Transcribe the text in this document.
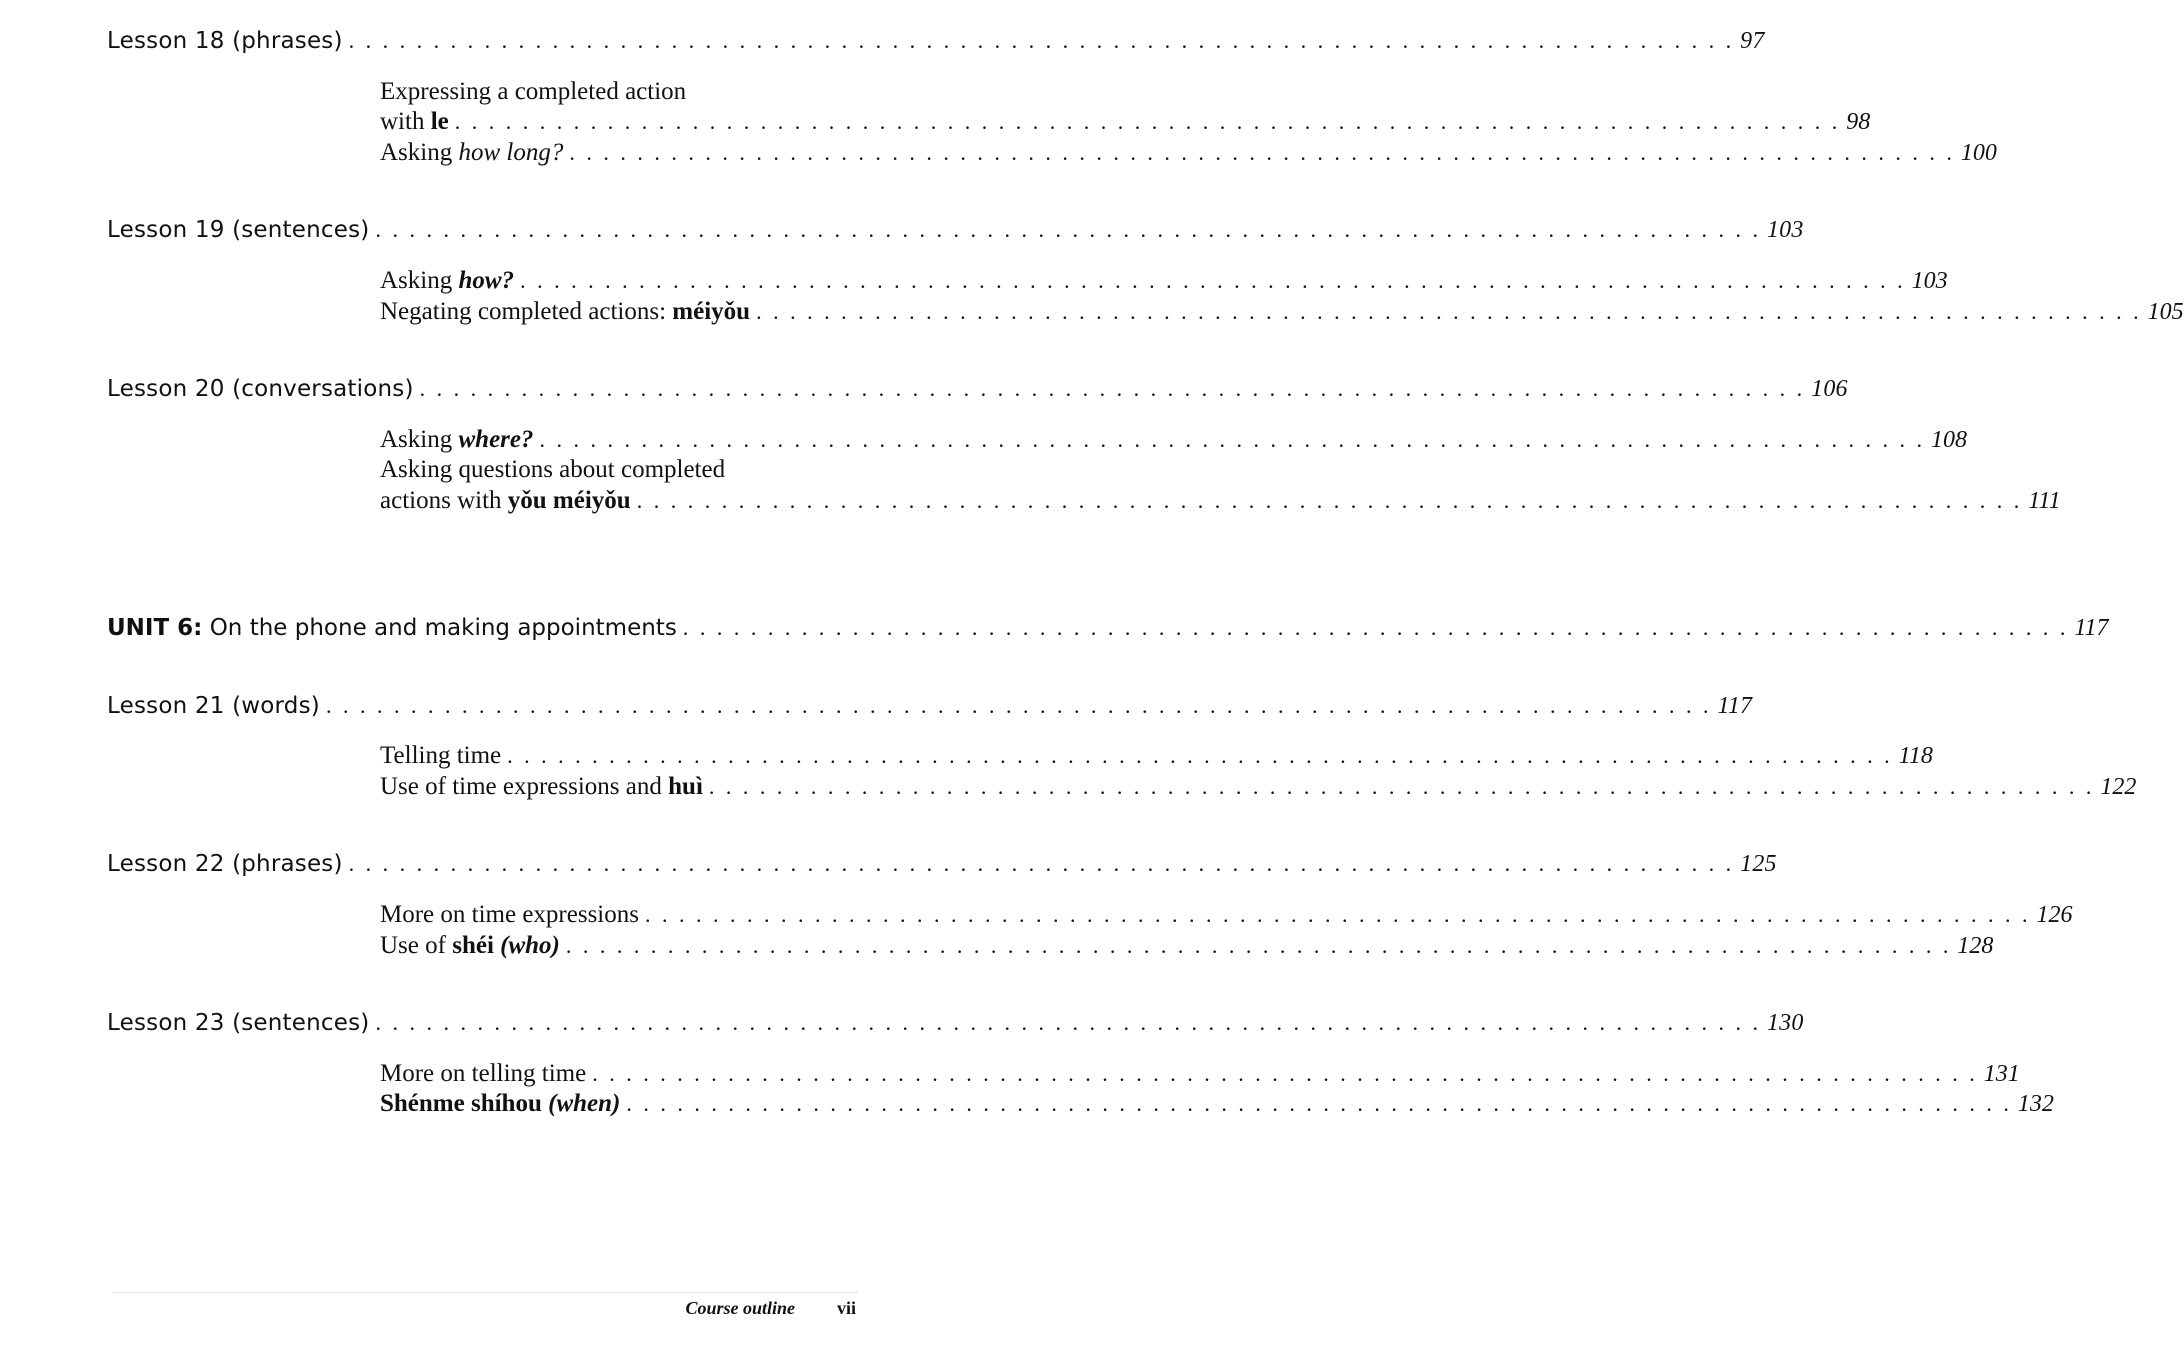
Lesson 18 (phrases) . . . . . . . . . . . . . . . . . . . . . . . . . . . . . . . . . . . . . . . . . . . . . . . . . . . . . . . . . . . . . . . . . . . . . . . . . . . . . . . . . . 97
Expressing a completed action
with le . . . . . . . . . . . . . . . . . . . . . . . . . . . . . . . . . . . . . . . . . . . . . . . . . . . . . . . . . . . . . . . . . . . . . . . . . . . . . . . . . . 98
Asking how long? . . . . . . . . . . . . . . . . . . . . . . . . . . . . . . . . . . . . . . . . . . . . . . . . . . . . . . . . . . . . . . . . . . . . . . . . . . . . . . . . . . 100
Lesson 19 (sentences) . . . . . . . . . . . . . . . . . . . . . . . . . . . . . . . . . . . . . . . . . . . . . . . . . . . . . . . . . . . . . . . . . . . . . . . . . . . . . . . . . . 103
Asking how? . . . . . . . . . . . . . . . . . . . . . . . . . . . . . . . . . . . . . . . . . . . . . . . . . . . . . . . . . . . . . . . . . . . . . . . . . . . . . . . . . . 103
Negating completed actions: méiyǒu . . . . . . . . . . . . . . . . . . . . . . . . . . . . . . . . . . . . . . . . . . . . . . . . . . . . . . . . . . . . . . . . . . . . . . . . . . . . . . . . . . 105
Lesson 20 (conversations) . . . . . . . . . . . . . . . . . . . . . . . . . . . . . . . . . . . . . . . . . . . . . . . . . . . . . . . . . . . . . . . . . . . . . . . . . . . . . . . . . . 106
Asking where? . . . . . . . . . . . . . . . . . . . . . . . . . . . . . . . . . . . . . . . . . . . . . . . . . . . . . . . . . . . . . . . . . . . . . . . . . . . . . . . . . . 108
Asking questions about completed
actions with yǒu méiyǒu . . . . . . . . . . . . . . . . . . . . . . . . . . . . . . . . . . . . . . . . . . . . . . . . . . . . . . . . . . . . . . . . . . . . . . . . . . . . . . . . . . 111
UNIT 6: On the phone and making appointments . . . . . . . . . . . . . . . . . . . . . . . . . . . . . . . . . . . . . . . . . . . . . . . . . . . . . . . . . . . . . . . . . . . . . . . . . . . . . . . . . . 117
Lesson 21 (words) . . . . . . . . . . . . . . . . . . . . . . . . . . . . . . . . . . . . . . . . . . . . . . . . . . . . . . . . . . . . . . . . . . . . . . . . . . . . . . . . . . 117
Telling time . . . . . . . . . . . . . . . . . . . . . . . . . . . . . . . . . . . . . . . . . . . . . . . . . . . . . . . . . . . . . . . . . . . . . . . . . . . . . . . . . . 118
Use of time expressions and huì . . . . . . . . . . . . . . . . . . . . . . . . . . . . . . . . . . . . . . . . . . . . . . . . . . . . . . . . . . . . . . . . . . . . . . . . . . . . . . . . . . 122
Lesson 22 (phrases) . . . . . . . . . . . . . . . . . . . . . . . . . . . . . . . . . . . . . . . . . . . . . . . . . . . . . . . . . . . . . . . . . . . . . . . . . . . . . . . . . . 125
More on time expressions . . . . . . . . . . . . . . . . . . . . . . . . . . . . . . . . . . . . . . . . . . . . . . . . . . . . . . . . . . . . . . . . . . . . . . . . . . . . . . . . . . 126
Use of shéi (who) . . . . . . . . . . . . . . . . . . . . . . . . . . . . . . . . . . . . . . . . . . . . . . . . . . . . . . . . . . . . . . . . . . . . . . . . . . . . . . . . . . 128
Lesson 23 (sentences) . . . . . . . . . . . . . . . . . . . . . . . . . . . . . . . . . . . . . . . . . . . . . . . . . . . . . . . . . . . . . . . . . . . . . . . . . . . . . . . . . . 130
More on telling time . . . . . . . . . . . . . . . . . . . . . . . . . . . . . . . . . . . . . . . . . . . . . . . . . . . . . . . . . . . . . . . . . . . . . . . . . . . . . . . . . . 131
Shénme shíhou (when) . . . . . . . . . . . . . . . . . . . . . . . . . . . . . . . . . . . . . . . . . . . . . . . . . . . . . . . . . . . . . . . . . . . . . . . . . . . . . . . . . . 132
Course outline vii
